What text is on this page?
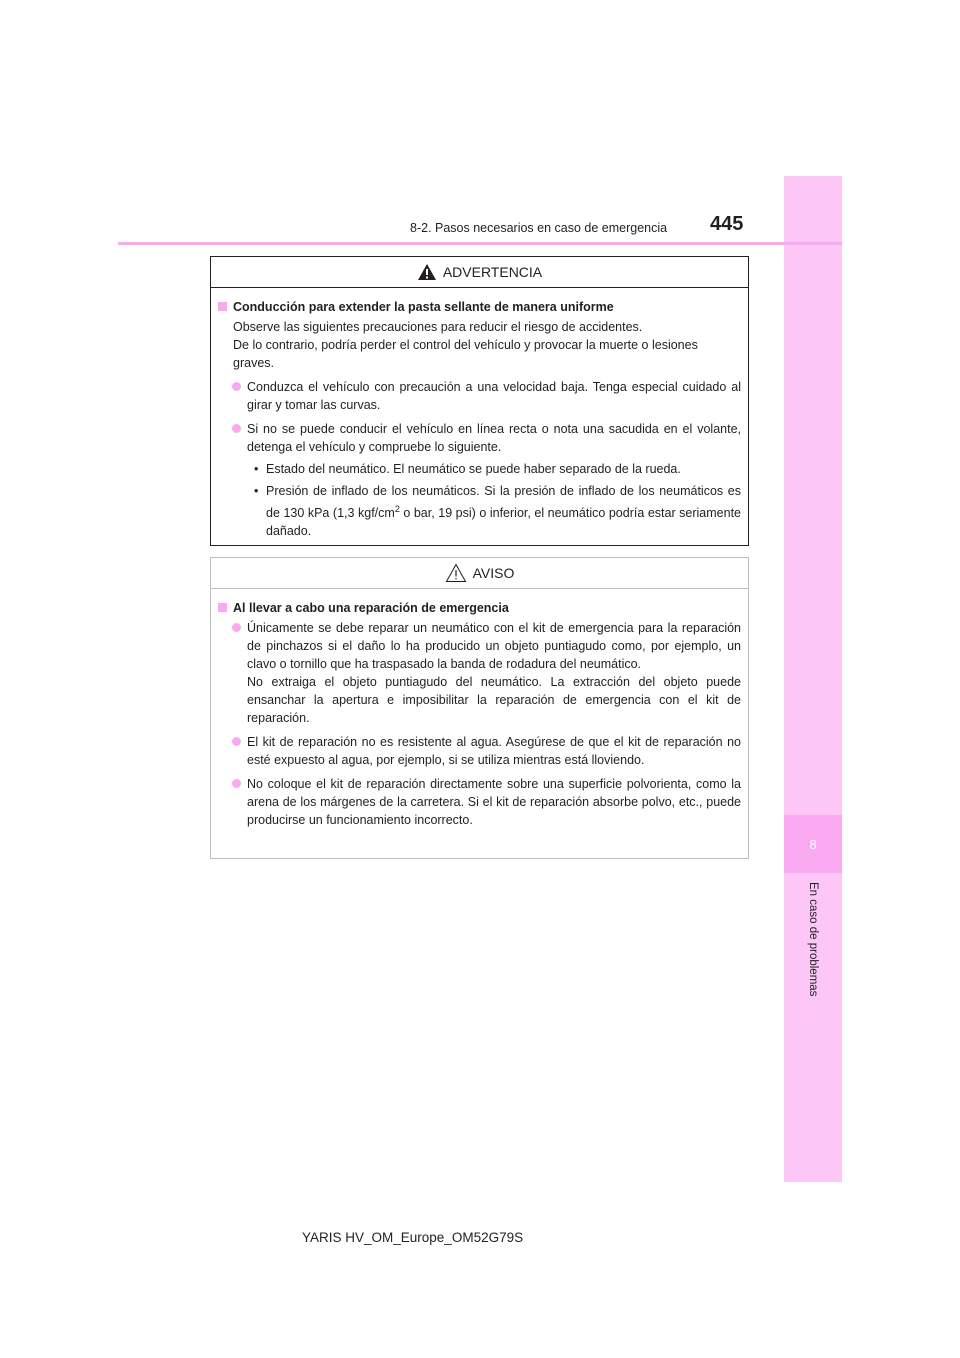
8
En caso de problemas
8-2. Pasos necesarios en caso de emergencia 445
ADVERTENCIA
Conducción para extender la pasta sellante de manera uniforme
Observe las siguientes precauciones para reducir el riesgo de accidentes.
De lo contrario, podría perder el control del vehículo y provocar la muerte o lesiones graves.
Conduzca el vehículo con precaución a una velocidad baja. Tenga especial cuidado al girar y tomar las curvas.
Si no se puede conducir el vehículo en línea recta o nota una sacudida en el volante, detenga el vehículo y compruebe lo siguiente.
• Estado del neumático. El neumático se puede haber separado de la rueda.
• Presión de inflado de los neumáticos. Si la presión de inflado de los neumáticos es de 130 kPa (1,3 kgf/$cm^2$ o bar, 19 psi) o inferior, el neumático podría estar seriamente dañado.
AVISO
Al llevar a cabo una reparación de emergencia
Únicamente se debe reparar un neumático con el kit de emergencia para la reparación de pinchazos si el daño lo ha producido un objeto puntiagudo como, por ejemplo, un clavo o tornillo que ha traspasado la banda de rodadura del neumático.
No extraiga el objeto puntiagudo del neumático. La extracción del objeto puede ensanchar la apertura e imposibilitar la reparación de emergencia con el kit de reparación.
El kit de reparación no es resistente al agua. Asegúrese de que el kit de reparación no esté expuesto al agua, por ejemplo, si se utiliza mientras está lloviendo.
No coloque el kit de reparación directamente sobre una superficie polvorienta, como la arena de los márgenes de la carretera. Si el kit de reparación absorbe polvo, etc., puede producirse un funcionamiento incorrecto.
YARIS HV_OM_Europe_OM52G79S
